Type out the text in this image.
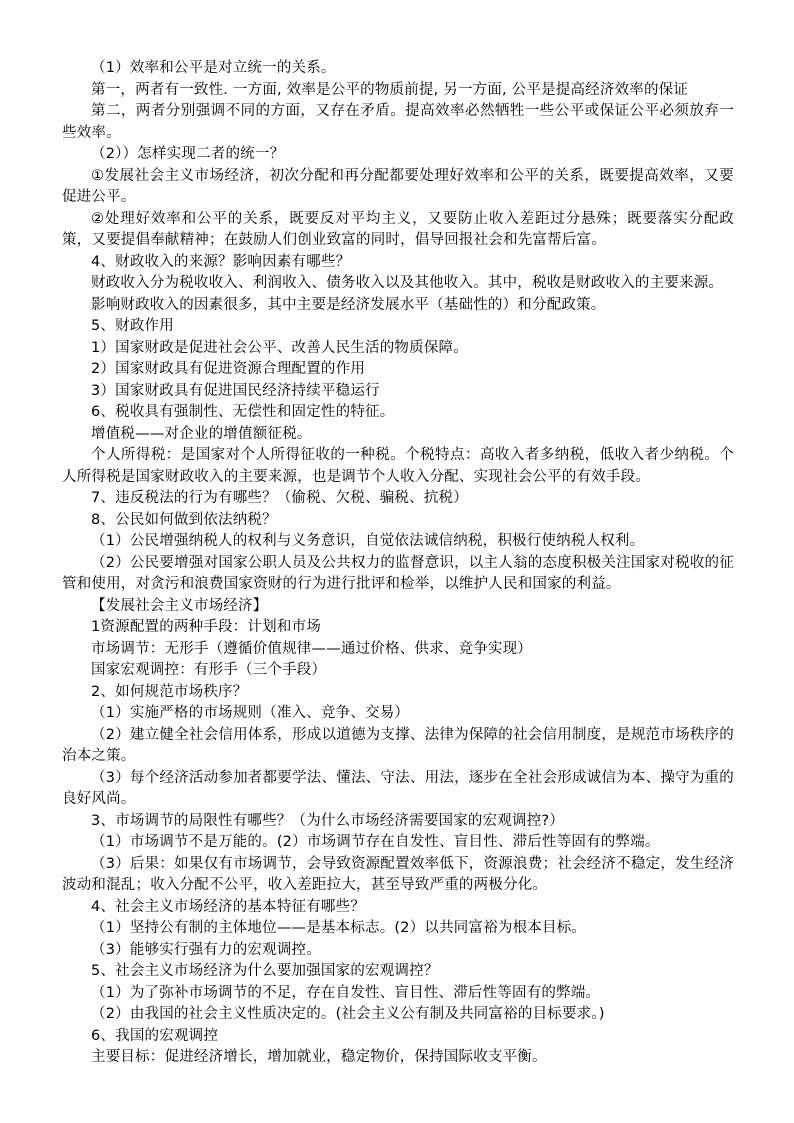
（1）效率和公平是对立统一的关系。

第一，两者有一致性. 一方面, 效率是公平的物质前提, 另一方面, 公平是提高经济效率的保证

第二，两者分别强调不同的方面，又存在矛盾。提高效率必然牺牲一些公平或保证公平必须放弃一些效率。

（2））怎样实现二者的统一？

①发展社会主义市场经济，初次分配和再分配都要处理好效率和公平的关系，既要提高效率，又要促进公平。

②处理好效率和公平的关系，既要反对平均主义，又要防止收入差距过分悬殊；既要落实分配政策，又要提倡奉献精神；在鼓励人们创业致富的同时，倡导回报社会和先富帮后富。

4、财政收入的来源？影响因素有哪些？

财政收入分为税收收入、利润收入、债务收入以及其他收入。其中，税收是财政收入的主要来源。

影响财政收入的因素很多，其中主要是经济发展水平（基础性的）和分配政策。

5、财政作用

1）国家财政是促进社会公平、改善人民生活的物质保障。

2）国家财政具有促进资源合理配置的作用

3）国家财政具有促进国民经济持续平稳运行

6、税收具有强制性、无偿性和固定性的特征。

增值税——对企业的增值额征税。

个人所得税：是国家对个人所得征收的一种税。个税特点：高收入者多纳税，低收入者少纳税。个人所得税是国家财政收入的主要来源，也是调节个人收入分配、实现社会公平的有效手段。

7、违反税法的行为有哪些？（偷税、欠税、骗税、抗税）

8、公民如何做到依法纳税？

（1）公民增强纳税人的权利与义务意识，自觉依法诚信纳税，积极行使纳税人权利。

（2）公民要增强对国家公职人员及公共权力的监督意识，以主人翁的态度积极关注国家对税收的征管和使用，对贪污和浪费国家资财的行为进行批评和检举，以维护人民和国家的利益。

【发展社会主义市场经济】

1资源配置的两种手段：计划和市场

市场调节：无形手（遵循价值规律——通过价格、供求、竞争实现）

国家宏观调控：有形手（三个手段）

2、如何规范市场秩序？

（1）实施严格的市场规则（准入、竞争、交易）

（2）建立健全社会信用体系，形成以道德为支撑、法律为保障的社会信用制度，是规范市场秩序的治本之策。

（3）每个经济活动参加者都要学法、懂法、守法、用法，逐步在全社会形成诚信为本、操守为重的良好风尚。

3、市场调节的局限性有哪些？（为什么市场经济需要国家的宏观调控?）

（1）市场调节不是万能的。(2）市场调节存在自发性、盲目性、滞后性等固有的弊端。

（3）后果：如果仅有市场调节，会导致资源配置效率低下，资源浪费；社会经济不稳定，发生经济波动和混乱；收入分配不公平，收入差距拉大，甚至导致严重的两极分化。

4、社会主义市场经济的基本特征有哪些？

（1）坚持公有制的主体地位——是基本标志。(2）以共同富裕为根本目标。

（3）能够实行强有力的宏观调控。

5、社会主义市场经济为什么要加强国家的宏观调控？

（1）为了弥补市场调节的不足，存在自发性、盲目性、滞后性等固有的弊端。

（2）由我国的社会主义性质决定的。(社会主义公有制及共同富裕的目标要求。)

6、我国的宏观调控

主要目标：促进经济增长，增加就业，稳定物价，保持国际收支平衡。
